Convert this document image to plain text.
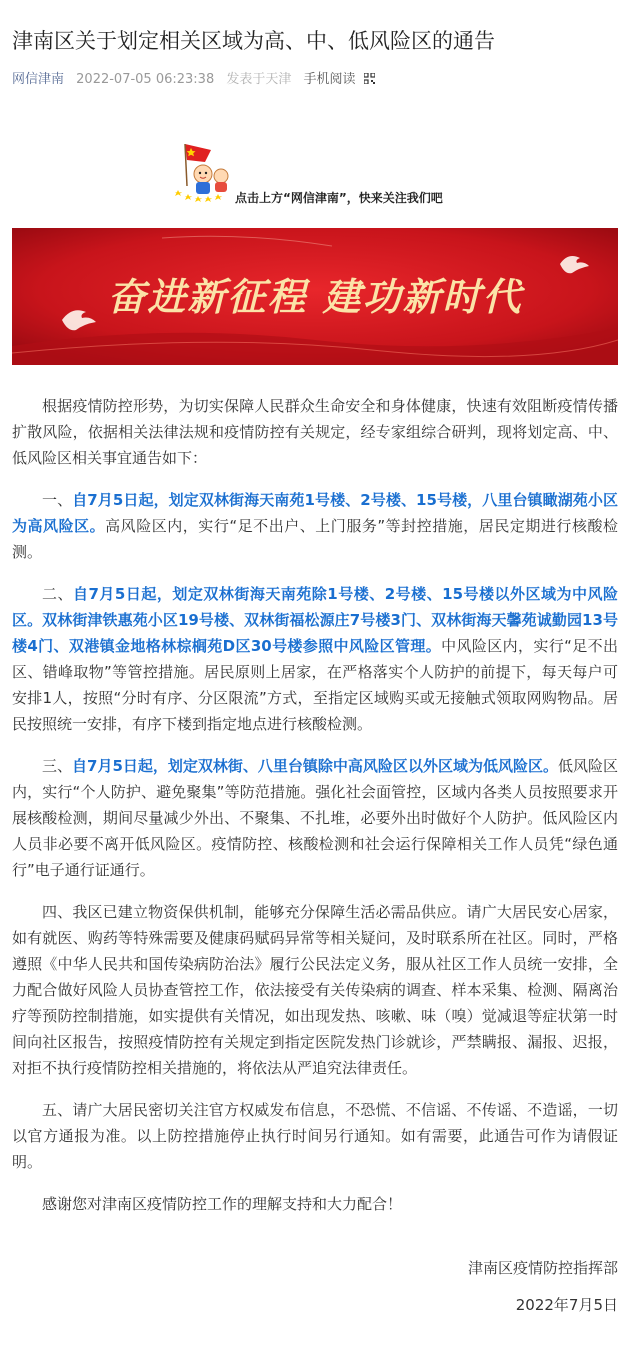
津南区关于划定相关区域为高、中、低风险区的通告
网信津南 2022-07-05 06:23:38 发表于天津 手机阅读
点击上方“网信津南”，快来关注我们吧
奋进新征程 建功新时代

根据疫情防控形势，为切实保障人民群众生命安全和身体健康，快速有效阻断疫情传播扩散风险，依据相关法律法规和疫情防控有关规定，经专家组综合研判，现将划定高、中、低风险区相关事宜通告如下：

一、自7月5日起，划定双林街海天南苑1号楼、2号楼、15号楼，八里台镇瞰湖苑小区为高风险区。高风险区内，实行“足不出户、上门服务”等封控措施，居民定期进行核酸检测。

二、自7月5日起，划定双林街海天南苑除1号楼、2号楼、15号楼以外区域为中风险区。双林街津铁惠苑小区19号楼、双林街福松源庄7号楼3门、双林街海天馨苑诚勤园13号楼4门、双港镇金地格林棕榈苑D区30号楼参照中风险区管理。中风险区内，实行“足不出区、错峰取物”等管控措施。居民原则上居家，在严格落实个人防护的前提下，每天每户可安排1人，按照“分时有序、分区限流”方式，至指定区域购买或无接触式领取网购物品。居民按照统一安排，有序下楼到指定地点进行核酸检测。

三、自7月5日起，划定双林街、八里台镇除中高风险区以外区域为低风险区。低风险区内，实行“个人防护、避免聚集”等防范措施。强化社会面管控，区域内各类人员按照要求开展核酸检测，期间尽量减少外出、不聚集、不扎堆，必要外出时做好个人防护。低风险区内人员非必要不离开低风险区。疫情防控、核酸检测和社会运行保障相关工作人员凭“绿色通行”电子通行证通行。

四、我区已建立物资保供机制，能够充分保障生活必需品供应。请广大居民安心居家，如有就医、购药等特殊需要及健康码赋码异常等相关疑问，及时联系所在社区。同时，严格遵照《中华人民共和国传染病防治法》履行公民法定义务，服从社区工作人员统一安排，全力配合做好风险人员协查管控工作，依法接受有关传染病的调查、样本采集、检测、隔离治疗等预防控制措施，如实提供有关情况，如出现发热、咳嗽、味（嗅）觉减退等症状第一时间向社区报告，按照疫情防控有关规定到指定医院发热门诊就诊，严禁瞒报、漏报、迟报，对拒不执行疫情防控相关措施的，将依法从严追究法律责任。

五、请广大居民密切关注官方权威发布信息，不恐慌、不信谣、不传谣、不造谣，一切以官方通报为准。以上防控措施停止执行时间另行通知。如有需要，此通告可作为请假证明。

感谢您对津南区疫情防控工作的理解支持和大力配合！

津南区疫情防控指挥部
2022年7月5日
